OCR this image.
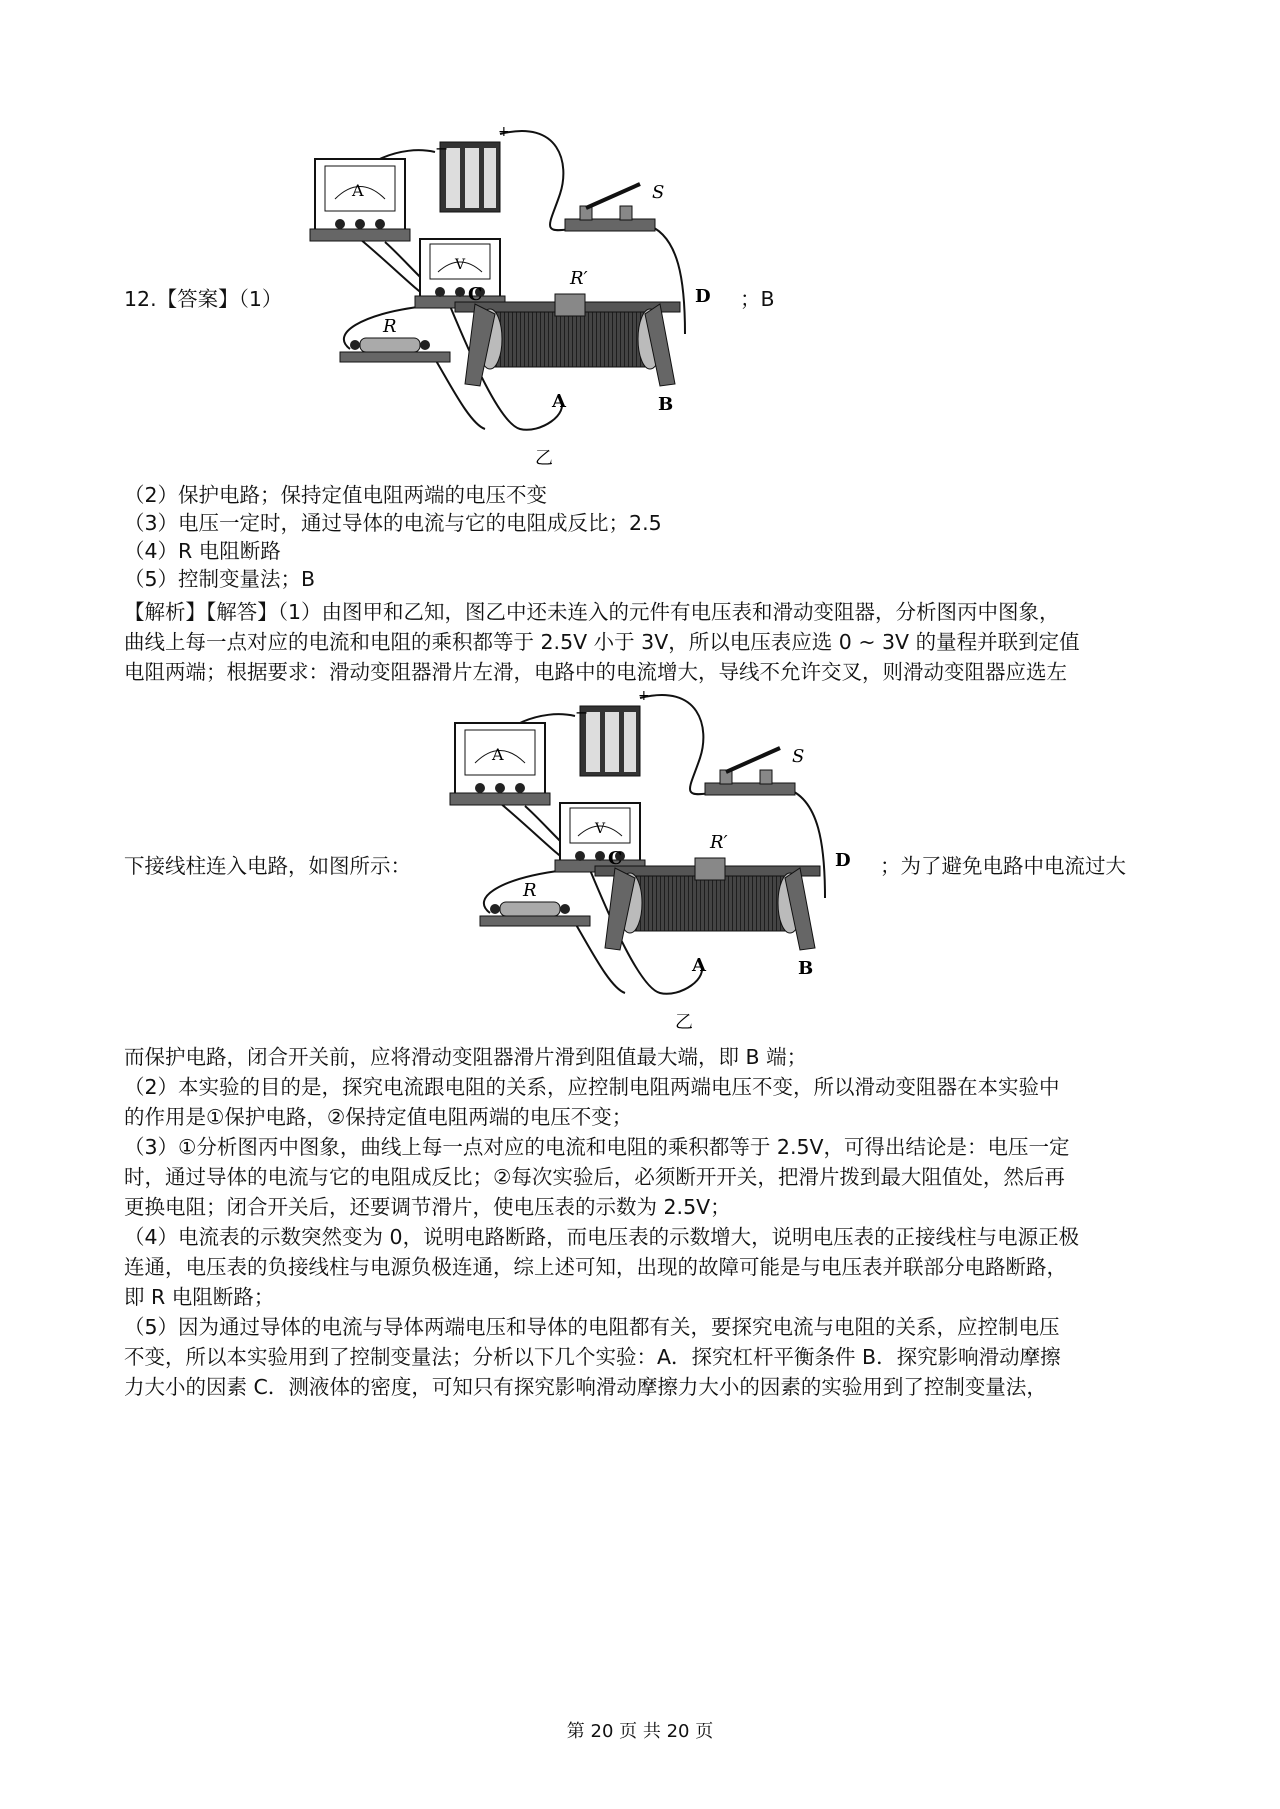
12.【答案】（1）	；B
−
+
A
V
S
R
C	D
R′
A	B
乙
（2）保护电路；保持定值电阻两端的电压不变
（3）电压一定时，通过导体的电流与它的电阻成反比；2.5
（4）R 电阻断路
（5）控制变量法；B
【解析】【解答】（1）由图甲和乙知，图乙中还未连入的元件有电压表和滑动变阻器，分析图丙中图象，
曲线上每一点对应的电流和电阻的乘积都等于 2.5V 小于 3V，所以电压表应选 0 ~ 3V 的量程并联到定值
电阻两端；根据要求：滑动变阻器滑片左滑，电路中的电流增大，导线不允许交叉，则滑动变阻器应选左
−
+
A
V
S
R
C	D
R′
A	B
乙
下接线柱连入电路，如图所示：	；为了避免电路中电流过大
而保护电路，闭合开关前，应将滑动变阻器滑片滑到阻值最大端，即 B 端；
（2）本实验的目的是，探究电流跟电阻的关系，应控制电阻两端电压不变，所以滑动变阻器在本实验中
的作用是①保护电路，②保持定值电阻两端的电压不变；
（3）①分析图丙中图象，曲线上每一点对应的电流和电阻的乘积都等于 2.5V，可得出结论是：电压一定
时，通过导体的电流与它的电阻成反比；②每次实验后，必须断开开关，把滑片拨到最大阻值处，然后再
更换电阻；闭合开关后，还要调节滑片，使电压表的示数为 2.5V；
（4）电流表的示数突然变为 0，说明电路断路，而电压表的示数增大，说明电压表的正接线柱与电源正极
连通，电压表的负接线柱与电源负极连通，综上述可知，出现的故障可能是与电压表并联部分电路断路，
即 R 电阻断路；
（5）因为通过导体的电流与导体两端电压和导体的电阻都有关，要探究电流与电阻的关系，应控制电压
不变，所以本实验用到了控制变量法；分析以下几个实验：A．探究杠杆平衡条件 B．探究影响滑动摩擦
力大小的因素 C．测液体的密度，可知只有探究影响滑动摩擦力大小的因素的实验用到了控制变量法，
第 20 页 共 20 页
